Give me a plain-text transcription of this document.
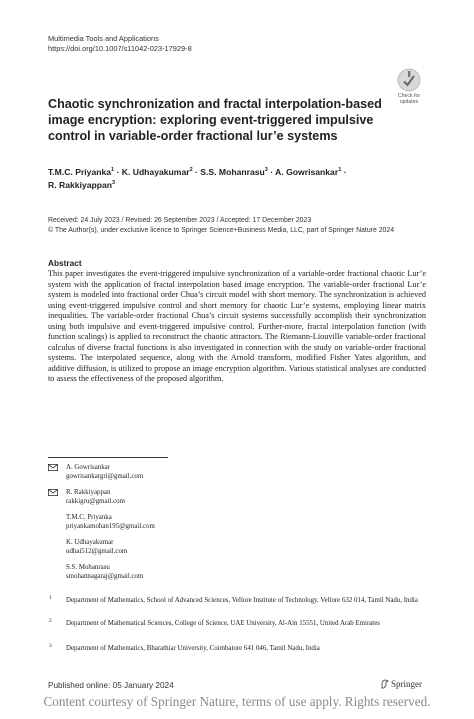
Multimedia Tools and Applications
https://doi.org/10.1007/s11042-023-17929-8
Check for
updates
Chaotic synchronization and fractal interpolation-based image encryption: exploring event-triggered impulsive control in variable-order fractional lur’e systems
T.M.C. Priyanka$^1$ · K. Udhayakumar$^2$ · S.S. Mohanrasu$^3$ · A. Gowrisankar$^1$ ·
R. Rakkiyappan$^3$
Received: 24 July 2023 / Revised: 26 September 2023 / Accepted: 17 December 2023
© The Author(s), under exclusive licence to Springer Science+Business Media, LLC, part of Springer Nature 2024
Abstract

This paper investigates the event-triggered impulsive synchronization of a variable-order fractional chaotic Lur’e system with the application of fractal interpolation based image encryption. The variable-order fractional Lur’e system is modeled into fractional order Chua’s circuit model with short memory. The synchronization is achieved using event-triggered impulsive control and short memory for chaotic Lur’e systems, employing linear matrix inequalities. The variable-order fractional Chua’s circuit systems successfully accomplish their synchronization using both impulsive and event-triggered impulsive control. Further-more, fractal interpolation function (with function scalings) is applied to reconstruct the chaotic attractors. The Riemann-Liouville variable-order fractional calculus of diverse fractal functions is also investigated in connection with the study on variable-order fractional systems. The interpolated sequence, along with the Arnold transform, modified Fisher Yates algorithm, and additive diffusion, is utilized to propose an image encryption algorithm. Various statistical analyses are conducted to assess the effectiveness of the proposed algorithm.

A. Gowrisankar
gowrisankargri@gmail.com
R. Rakkiyappan
rakkigru@gmail.com
T.M.C. Priyanka
priyankamohan195@gmail.com
K. Udhayakumar
udhai512@gmail.com
S.S. Mohanrasu
smohannagaraj@gmail.com
1 Department of Mathematics, School of Advanced Sciences, Vellore Institute of Technology, Vellore 632 014, Tamil Nadu, India
2 Department of Mathematical Sciences, College of Science, UAE University, Al-Ain 15551, United Arab Emirates
3 Department of Mathematics, Bharathiar University, Coimbatore 641 046, Tamil Nadu, India
Published online: 05 January 2024	Springer
Content courtesy of Springer Nature, terms of use apply. Rights reserved.
